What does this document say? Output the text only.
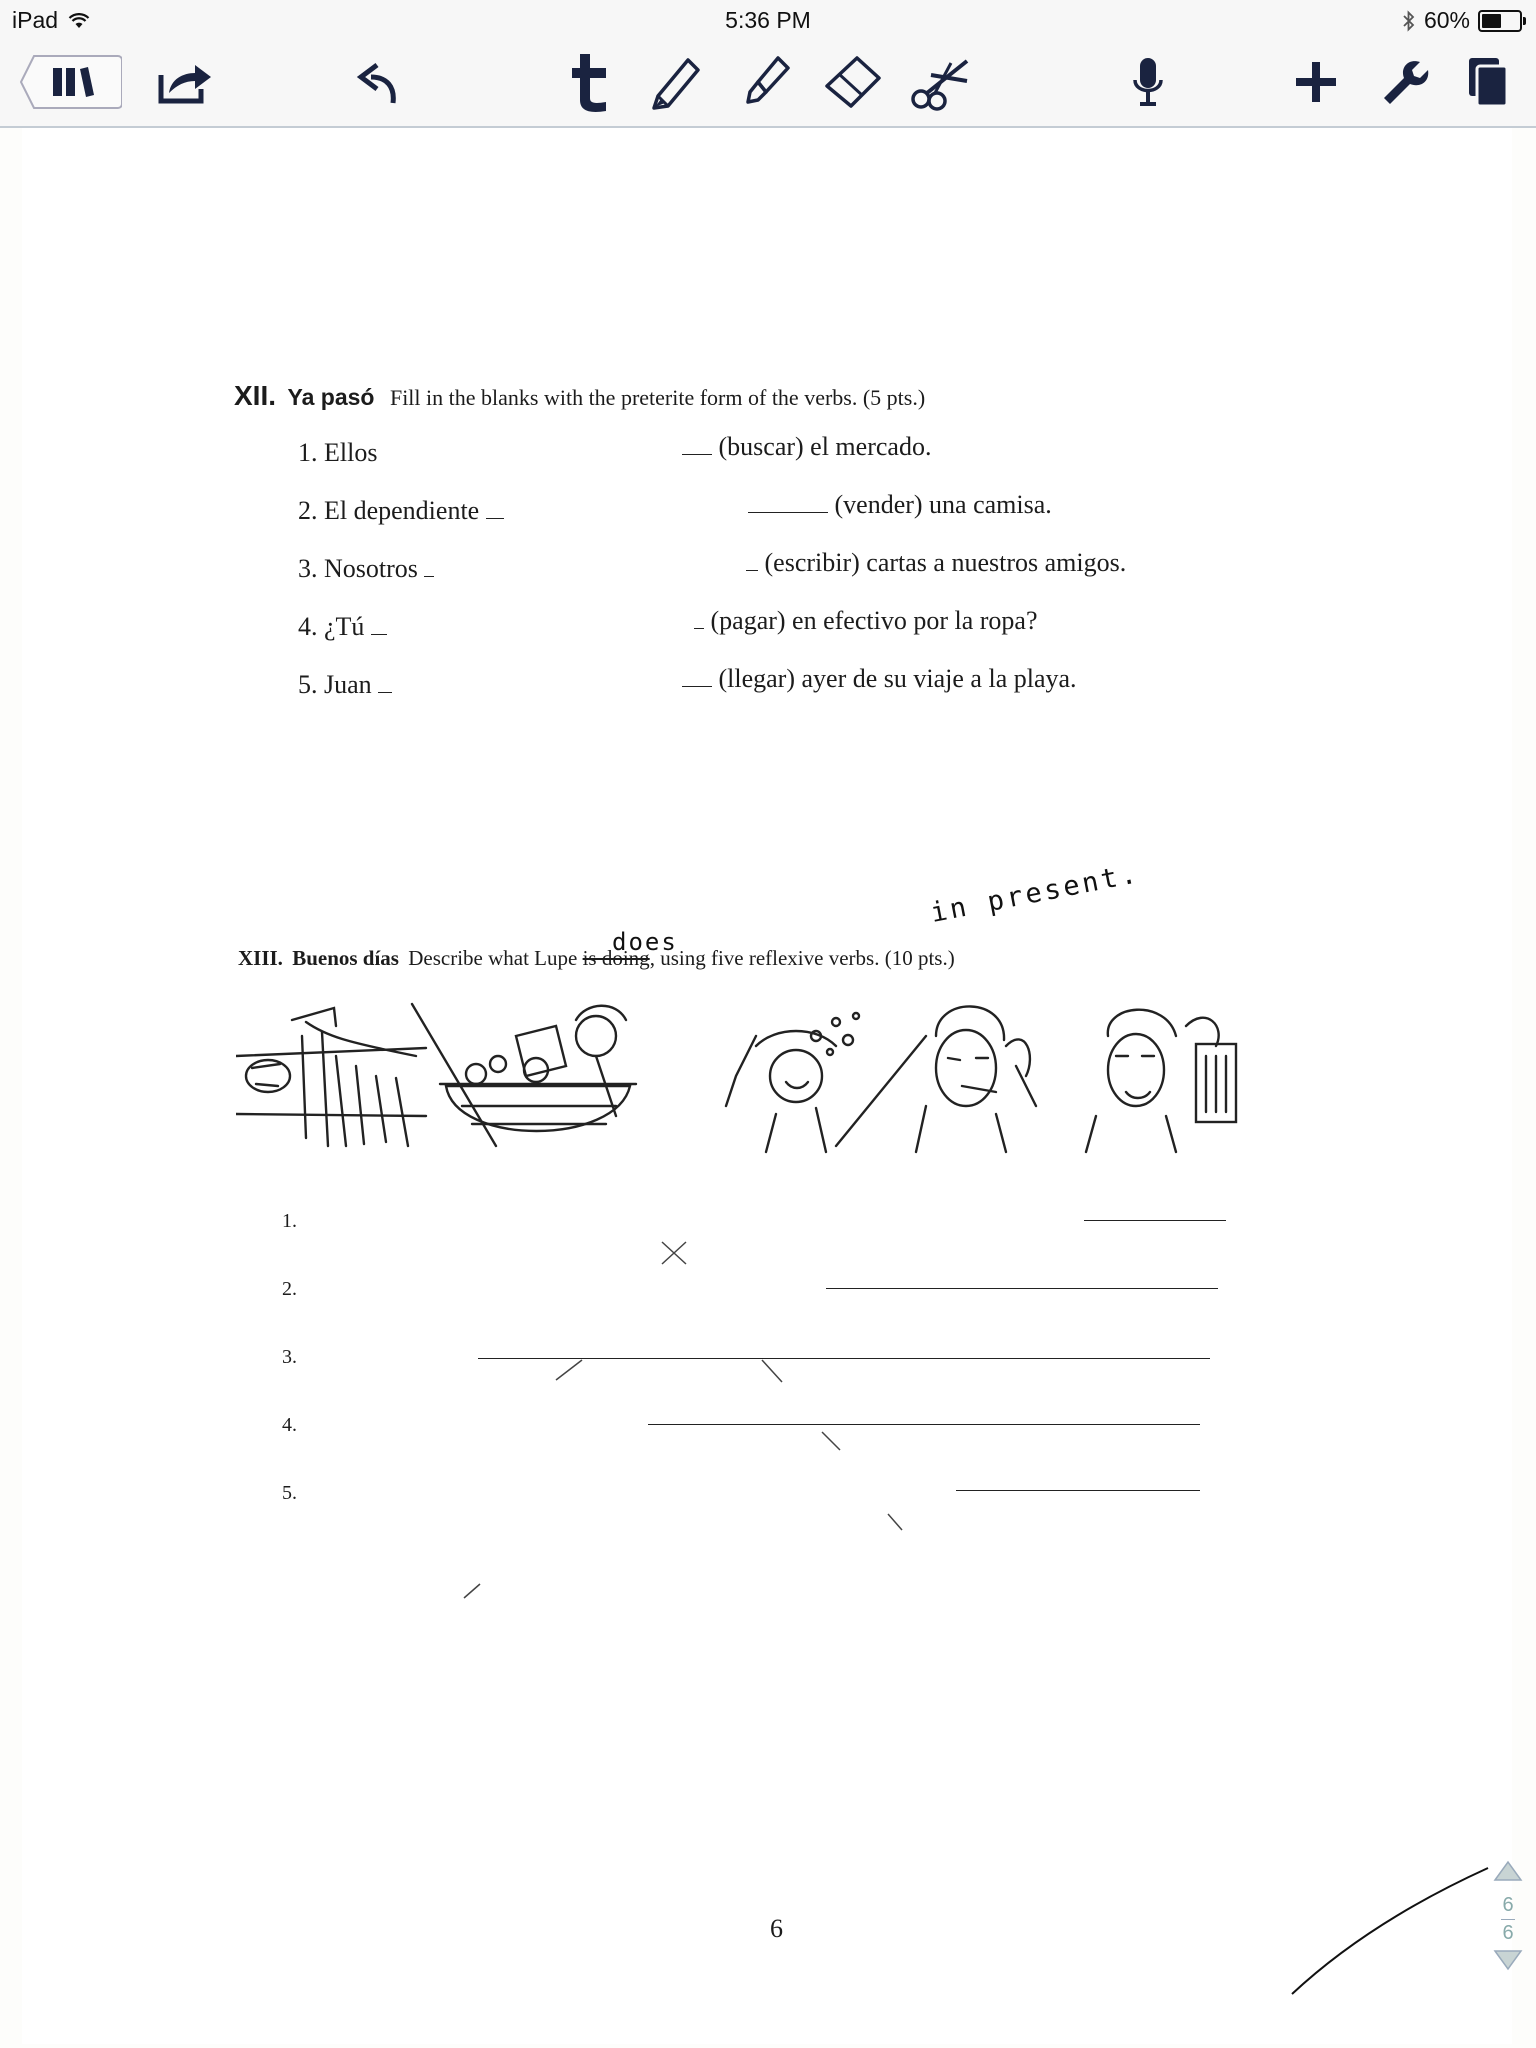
iPad	5:36 PM	60%
XII. Ya pasó Fill in the blanks with the preterite form of the verbs. (5 pts.)
1. Ellos	(buscar) el mercado.
2. El dependiente	(vender) una camisa.
3. Nosotros	(escribir) cartas a nuestros amigos.
4. ¿Tú	(pagar) en efectivo por la ropa?
5. Juan	(llegar) ayer de su viaje a la playa.
does
in present.
XIII. Buenos días Describe what Lupe is doing, using five reflexive verbs. (10 pts.)
1.
2.
3.
4.
5.
6
6
6
